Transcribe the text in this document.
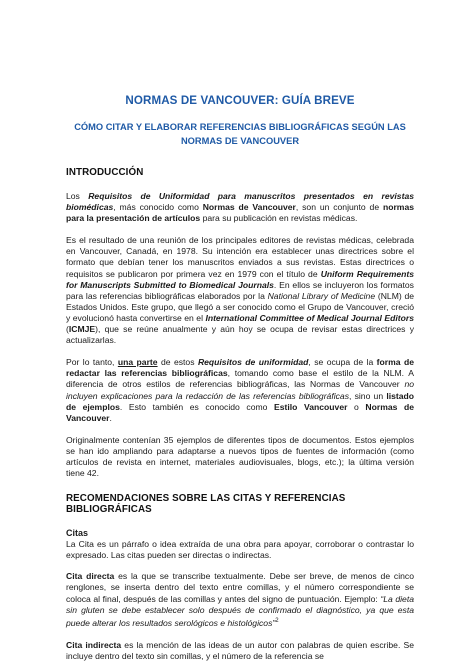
NORMAS DE VANCOUVER: GUÍA BREVE
CÓMO CITAR Y ELABORAR REFERENCIAS BIBLIOGRÁFICAS SEGÚN LAS
NORMAS DE VANCOUVER
INTRODUCCIÓN

Los Requisitos de Uniformidad para manuscritos presentados en revistas biomédicas, más conocido como Normas de Vancouver, son un conjunto de normas para la presentación de artículos para su publicación en revistas médicas.

Es el resultado de una reunión de los principales editores de revistas médicas, celebrada en Vancouver, Canadá, en 1978. Su intención era establecer unas directrices sobre el formato que debían tener los manuscritos enviados a sus revistas. Estas directrices o requisitos se publicaron por primera vez en 1979 con el título de Uniform Requirements for Manuscripts Submitted to Biomedical Journals. En ellos se incluyeron los formatos para las referencias bibliográficas elaborados por la National Library of Medicine (NLM) de Estados Unidos. Este grupo, que llegó a ser conocido como el Grupo de Vancouver, creció y evolucionó hasta convertirse en el International Committee of Medical Journal Editors (ICMJE), que se reúne anualmente y aún hoy se ocupa de revisar estas directrices y actualizarlas.

Por lo tanto, una parte de estos Requisitos de uniformidad, se ocupa de la forma de redactar las referencias bibliográficas, tomando como base el estilo de la NLM. A diferencia de otros estilos de referencias bibliográficas, las Normas de Vancouver no incluyen explicaciones para la redacción de las referencias bibliográficas, sino un listado de ejemplos. Esto también es conocido como Estilo Vancouver o Normas de Vancouver.

Originalmente contenían 35 ejemplos de diferentes tipos de documentos. Estos ejemplos se han ido ampliando para adaptarse a nuevos tipos de fuentes de información (como artículos de revista en internet, materiales audiovisuales, blogs, etc.); la última versión tiene 42.

RECOMENDACIONES SOBRE LAS CITAS Y REFERENCIAS BIBLIOGRÁFICAS
Citas

La Cita es un párrafo o idea extraída de una obra para apoyar, corroborar o contrastar lo expresado. Las citas pueden ser directas o indirectas.

Cita directa es la que se transcribe textualmente. Debe ser breve, de menos de cinco renglones, se inserta dentro del texto entre comillas, y el número correspondiente se coloca al final, después de las comillas y antes del signo de puntuación. Ejemplo: “La dieta sin gluten se debe establecer solo después de confirmado el diagnóstico, ya que esta puede alterar los resultados serológicos e histológicos”$^2$

Cita indirecta es la mención de las ideas de un autor con palabras de quien escribe. Se incluye dentro del texto sin comillas, y el número de la referencia se
